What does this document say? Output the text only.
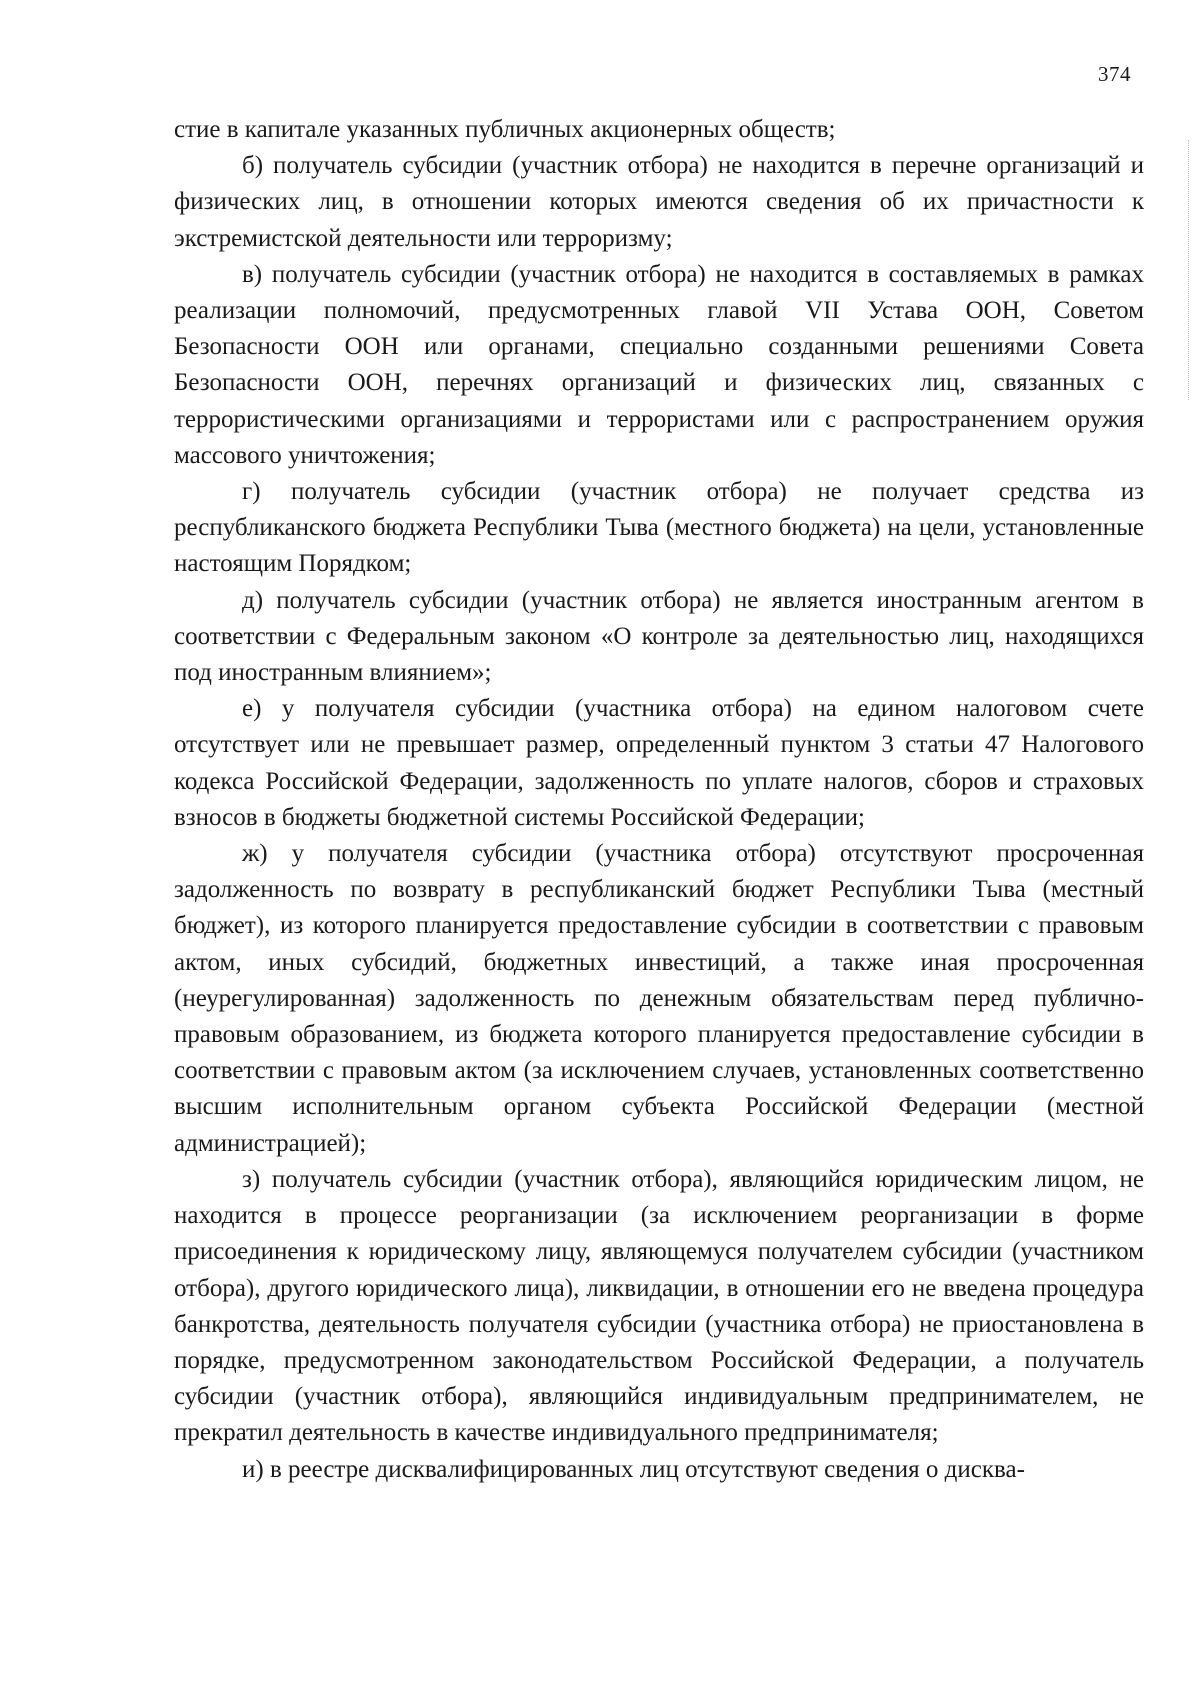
374

стие в капитале указанных публичных акционерных обществ;

б) получатель субсидии (участник отбора) не находится в перечне организаций и физических лиц, в отношении которых имеются сведения об их причастности к экстремистской деятельности или терроризму;

в) получатель субсидии (участник отбора) не находится в составляемых в рамках реализации полномочий, предусмотренных главой VII Устава ООН, Советом Безопасности ООН или органами, специально созданными решениями Совета Безопасности ООН, перечнях организаций и физических лиц, связанных с террористическими организациями и террористами или с распространением оружия массового уничтожения;

г) получатель субсидии (участник отбора) не получает средства из республиканского бюджета Республики Тыва (местного бюджета) на цели, установленные настоящим Порядком;

д) получатель субсидии (участник отбора) не является иностранным агентом в соответствии с Федеральным законом «О контроле за деятельностью лиц, находящихся под иностранным влиянием»;

е) у получателя субсидии (участника отбора) на едином налоговом счете отсутствует или не превышает размер, определенный пунктом 3 статьи 47 Налогового кодекса Российской Федерации, задолженность по уплате налогов, сборов и страховых взносов в бюджеты бюджетной системы Российской Федерации;

ж) у получателя субсидии (участника отбора) отсутствуют просроченная задолженность по возврату в республиканский бюджет Республики Тыва (местный бюджет), из которого планируется предоставление субсидии в соответствии с правовым актом, иных субсидий, бюджетных инвестиций, а также иная просроченная (неурегулированная) задолженность по денежным обязательствам перед публично-правовым образованием, из бюджета которого планируется предоставление субсидии в соответствии с правовым актом (за исключением случаев, установленных соответственно высшим исполнительным органом субъекта Российской Федерации (местной администрацией);

з) получатель субсидии (участник отбора), являющийся юридическим лицом, не находится в процессе реорганизации (за исключением реорганизации в форме присоединения к юридическому лицу, являющемуся получателем субсидии (участником отбора), другого юридического лица), ликвидации, в отношении его не введена процедура банкротства, деятельность получателя субсидии (участника отбора) не приостановлена в порядке, предусмотренном законодательством Российской Федерации, а получатель субсидии (участник отбора), являющийся индивидуальным предпринимателем, не прекратил деятельность в качестве индивидуального предпринимателя;

и) в реестре дисквалифицированных лиц отсутствуют сведения о дисква-
